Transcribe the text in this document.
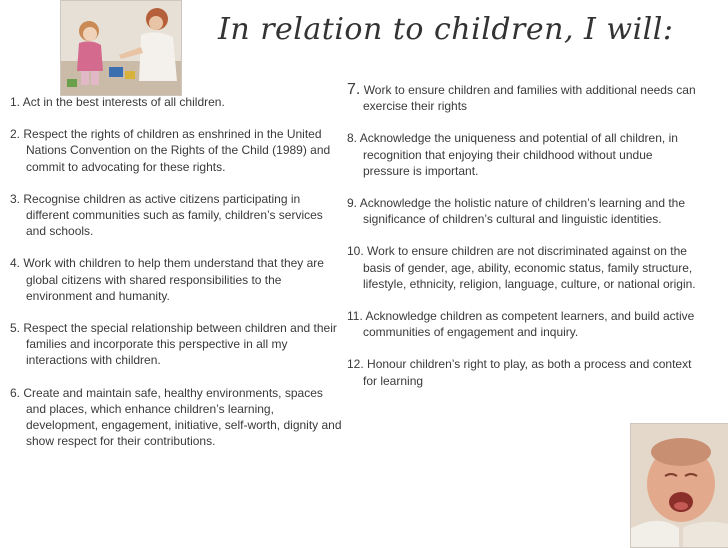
In relation to children, I will:

1. Act in the best interests of all children.

2. Respect the rights of children as enshrined in the United Nations Convention on the Rights of the Child (1989) and commit to advocating for these rights.

3. Recognise children as active citizens participating in different communities such as family, children’s services and schools.

4. Work with children to help them understand that they are global citizens with shared responsibilities to the environment and humanity.

5. Respect the special relationship between children and their families and incorporate this perspective in all my interactions with children.

6. Create and maintain safe, healthy environments, spaces and places, which enhance children’s learning, development, engagement, initiative, self-worth, dignity and show respect for their contributions.

7. Work to ensure children and families with additional needs can exercise their rights

8. Acknowledge the uniqueness and potential of all children, in recognition that enjoying their childhood without undue pressure is important.

9. Acknowledge the holistic nature of children’s learning and the significance of children’s cultural and linguistic identities.

10. Work to ensure children are not discriminated against on the basis of gender, age, ability, economic status, family structure, lifestyle, ethnicity, religion, language, culture, or national origin.

11. Acknowledge children as competent learners, and build active communities of engagement and inquiry.

12. Honour children’s right to play, as both a process and context for learning
